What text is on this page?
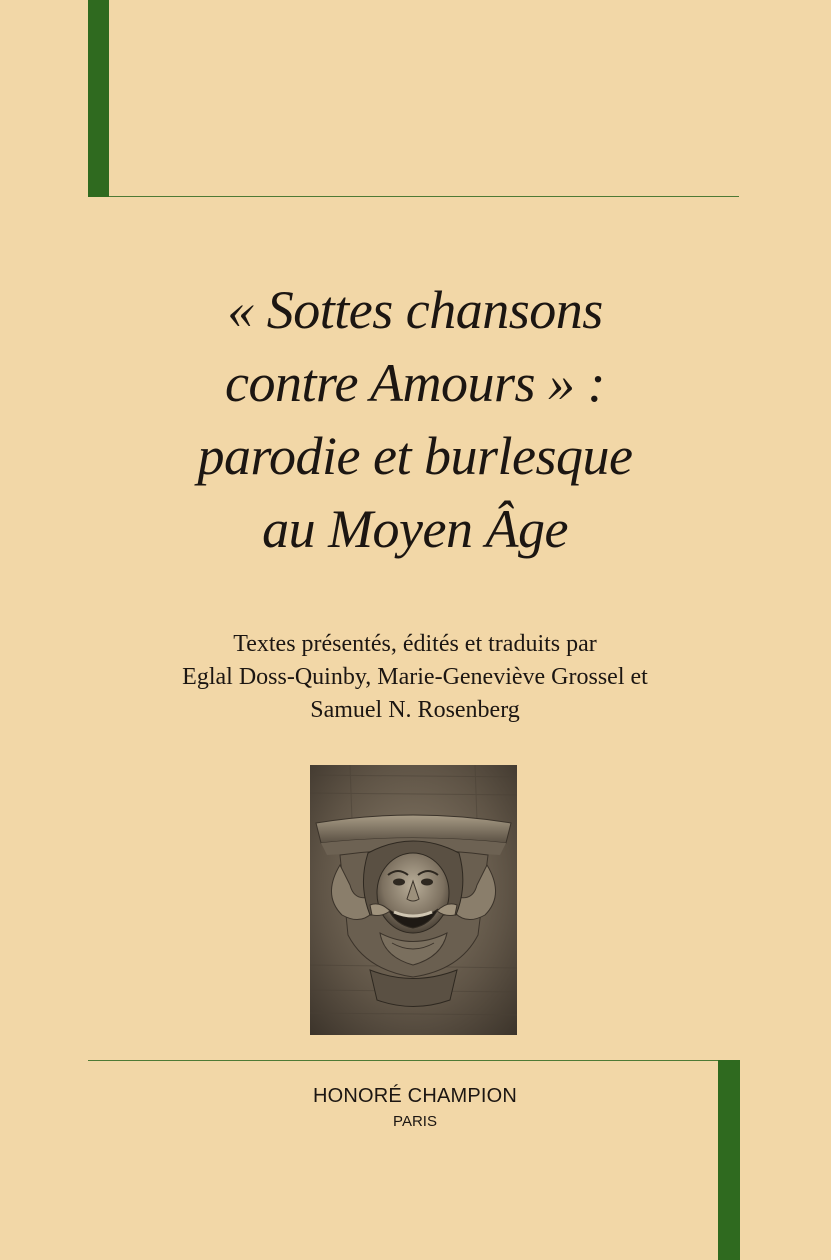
« Sottes chansons
contre Amours » :
parodie et burlesque
au Moyen Âge
Textes présentés, édités et traduits par
Eglal Doss-Quinby, Marie-Geneviève Grossel et
Samuel N. Rosenberg
HONORÉ CHAMPION
PARIS
